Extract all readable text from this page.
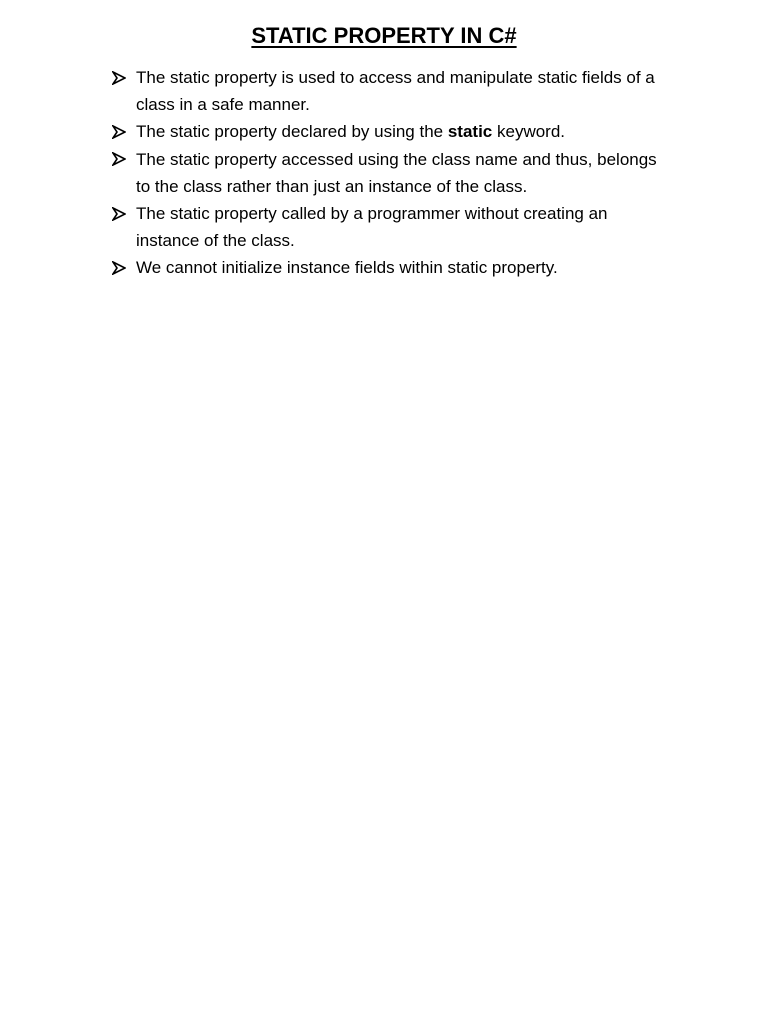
STATIC PROPERTY IN C#
The static property is used to access and manipulate static fields of a class in a safe manner.
The static property declared by using the static keyword.
The static property accessed using the class name and thus, belongs to the class rather than just an instance of the class.
The static property called by a programmer without creating an instance of the class.
We cannot initialize instance fields within static property.
